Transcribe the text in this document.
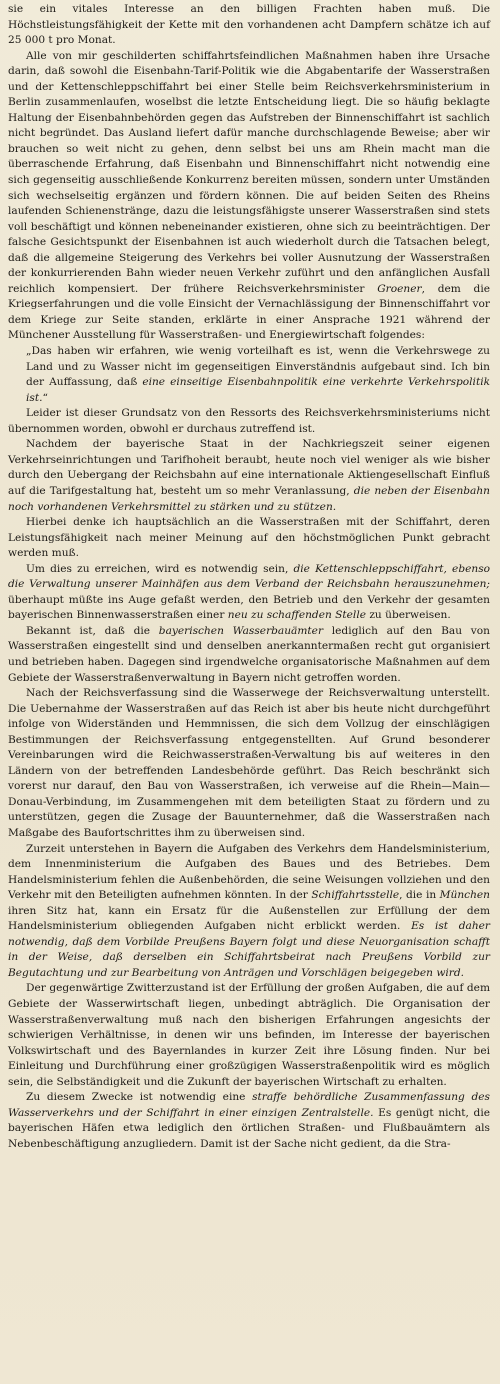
sie ein vitales Interesse an den billigen Frachten haben muß. Die Höchstleistungsfähigkeit der Kette mit den vorhandenen acht Dampfern schätze ich auf 25 000 t pro Monat.

Alle von mir geschilderten schiffahrtsfeindlichen Maßnahmen haben ihre Ursache darin, daß sowohl die Eisenbahn-Tarif-Politik wie die Abgabentarife der Wasserstraßen und der Kettenschleppschiffahrt bei einer Stelle beim Reichsverkehrsministerium in Berlin zusammenlaufen, woselbst die letzte Entscheidung liegt. Die so häufig beklagte Haltung der Eisenbahnbehörden gegen das Aufstreben der Binnenschiffahrt ist sachlich nicht begründet. Das Ausland liefert dafür manche durchschlagende Beweise; aber wir brauchen so weit nicht zu gehen, denn selbst bei uns am Rhein macht man die überraschende Erfahrung, daß Eisenbahn und Binnenschiffahrt nicht notwendig eine sich gegenseitig ausschließende Konkurrenz bereiten müssen, sondern unter Umständen sich wechselseitig ergänzen und fördern können. Die auf beiden Seiten des Rheins laufenden Schienenstränge, dazu die leistungsfähigste unserer Wasserstraßen sind stets voll beschäftigt und können nebeneinander existieren, ohne sich zu beeinträchtigen. Der falsche Gesichtspunkt der Eisenbahnen ist auch wiederholt durch die Tatsachen belegt, daß die allgemeine Steigerung des Verkehrs bei voller Ausnutzung der Wasserstraßen der konkurrierenden Bahn wieder neuen Verkehr zuführt und den anfänglichen Ausfall reichlich kompensiert. Der frühere Reichsverkehrsminister Groener, dem die Kriegserfahrungen und die volle Einsicht der Vernachlässigung der Binnenschiffahrt vor dem Kriege zur Seite standen, erklärte in einer Ansprache 1921 während der Münchener Ausstellung für Wasserstraßen- und Energiewirtschaft folgendes:

„Das haben wir erfahren, wie wenig vorteilhaft es ist, wenn die Verkehrswege zu Land und zu Wasser nicht im gegenseitigen Einverständnis aufgebaut sind. Ich bin der Auffassung, daß eine einseitige Eisenbahnpolitik eine verkehrte Verkehrspolitik ist.“

Leider ist dieser Grundsatz von den Ressorts des Reichsverkehrsministeriums nicht übernommen worden, obwohl er durchaus zutreffend ist.

Nachdem der bayerische Staat in der Nachkriegszeit seiner eigenen Verkehrseinrichtungen und Tarifhoheit beraubt, heute noch viel weniger als wie bisher durch den Uebergang der Reichsbahn auf eine internationale Aktiengesellschaft Einfluß auf die Tarifgestaltung hat, besteht um so mehr Veranlassung, die neben der Eisenbahn noch vorhandenen Verkehrsmittel zu stärken und zu stützen.

Hierbei denke ich hauptsächlich an die Wasserstraßen mit der Schiffahrt, deren Leistungsfähigkeit nach meiner Meinung auf den höchstmöglichen Punkt gebracht werden muß.

Um dies zu erreichen, wird es notwendig sein, die Kettenschleppschiffahrt, ebenso die Verwaltung unserer Mainhäfen aus dem Verband der Reichsbahn herauszunehmen; überhaupt müßte ins Auge gefaßt werden, den Betrieb und den Verkehr der gesamten bayerischen Binnenwasserstraßen einer neu zu schaffenden Stelle zu überweisen.

Bekannt ist, daß die bayerischen Wasserbauämter lediglich auf den Bau von Wasserstraßen eingestellt sind und denselben anerkanntermaßen recht gut organisiert und betrieben haben. Dagegen sind irgendwelche organisatorische Maßnahmen auf dem Gebiete der Wasserstraßenverwaltung in Bayern nicht getroffen worden.

Nach der Reichsverfassung sind die Wasserwege der Reichsverwaltung unterstellt. Die Uebernahme der Wasserstraßen auf das Reich ist aber bis heute nicht durchgeführt infolge von Widerständen und Hemmnissen, die sich dem Vollzug der einschlägigen Bestimmungen der Reichsverfassung entgegenstellten. Auf Grund besonderer Vereinbarungen wird die Reichwasserstraßen-Verwaltung bis auf weiteres in den Ländern von der betreffenden Landesbehörde geführt. Das Reich beschränkt sich vorerst nur darauf, den Bau von Wasserstraßen, ich verweise auf die Rhein—Main—Donau-Verbindung, im Zusammengehen mit dem beteiligten Staat zu fördern und zu unterstützen, gegen die Zusage der Bauunternehmer, daß die Wasserstraßen nach Maßgabe des Baufortschrittes ihm zu überweisen sind.

Zurzeit unterstehen in Bayern die Aufgaben des Verkehrs dem Handelsministerium, dem Innenministerium die Aufgaben des Baues und des Betriebes. Dem Handelsministerium fehlen die Außenbehörden, die seine Weisungen vollziehen und den Verkehr mit den Beteiligten aufnehmen könnten. In der Schiffahrtsstelle, die in München ihren Sitz hat, kann ein Ersatz für die Außenstellen zur Erfüllung der dem Handelsministerium obliegenden Aufgaben nicht erblickt werden. Es ist daher notwendig, daß dem Vorbilde Preußens Bayern folgt und diese Neuorganisation schafft in der Weise, daß derselben ein Schiffahrtsbeirat nach Preußens Vorbild zur Begutachtung und zur Bearbeitung von Anträgen und Vorschlägen beigegeben wird.

Der gegenwärtige Zwitterzustand ist der Erfüllung der großen Aufgaben, die auf dem Gebiete der Wasserwirtschaft liegen, unbedingt abträglich. Die Organisation der Wasserstraßenverwaltung muß nach den bisherigen Erfahrungen angesichts der schwierigen Verhältnisse, in denen wir uns befinden, im Interesse der bayerischen Volkswirtschaft und des Bayernlandes in kurzer Zeit ihre Lösung finden. Nur bei Einleitung und Durchführung einer großzügigen Wasserstraßenpolitik wird es möglich sein, die Selbständigkeit und die Zukunft der bayerischen Wirtschaft zu erhalten.

Zu diesem Zwecke ist notwendig eine straffe behördliche Zusammenfassung des Wasserverkehrs und der Schiffahrt in einer einzigen Zentralstelle. Es genügt nicht, die bayerischen Häfen etwa lediglich den örtlichen Straßen- und Flußbauämtern als Nebenbeschäftigung anzugliedern. Damit ist der Sache nicht gedient, da die Stra-
